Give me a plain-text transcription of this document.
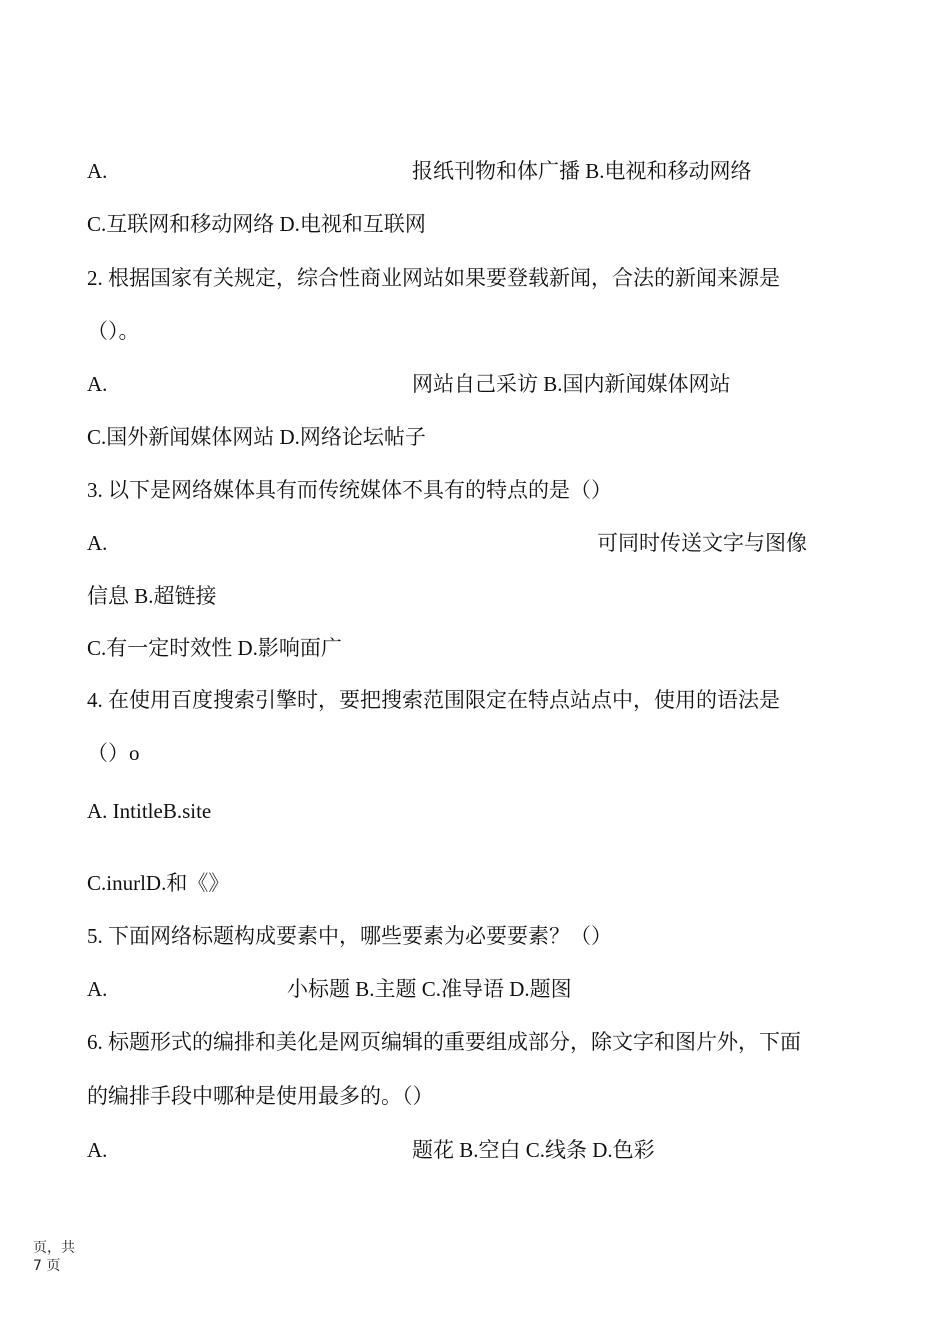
A.	报纸刊物和体广播 B.电视和移动网络
C.互联网和移动网络 D.电视和互联网
2. 根据国家有关规定，综合性商业网站如果要登载新闻，合法的新闻来源是
（）。
A.	网站自己采访 B.国内新闻媒体网站
C.国外新闻媒体网站 D.网络论坛帖子
3. 以下是网络媒体具有而传统媒体不具有的特点的是（）
A.	可同时传送文字与图像
信息 B.超链接
C.有一定时效性 D.影响面广
4. 在使用百度搜索引擎时，要把搜索范围限定在特点站点中，使用的语法是
（）o
A. IntitleB.site
C.inurlD.和《》
5. 下面网络标题构成要素中，哪些要素为必要要素？（）
A.	小标题 B.主题 C.准导语 D.题图
6. 标题形式的编排和美化是网页编辑的重要组成部分，除文字和图片外，下面
的编排手段中哪种是使用最多的。（）
A.	题花 B.空白 C.线条 D.色彩
页，共
7 页
